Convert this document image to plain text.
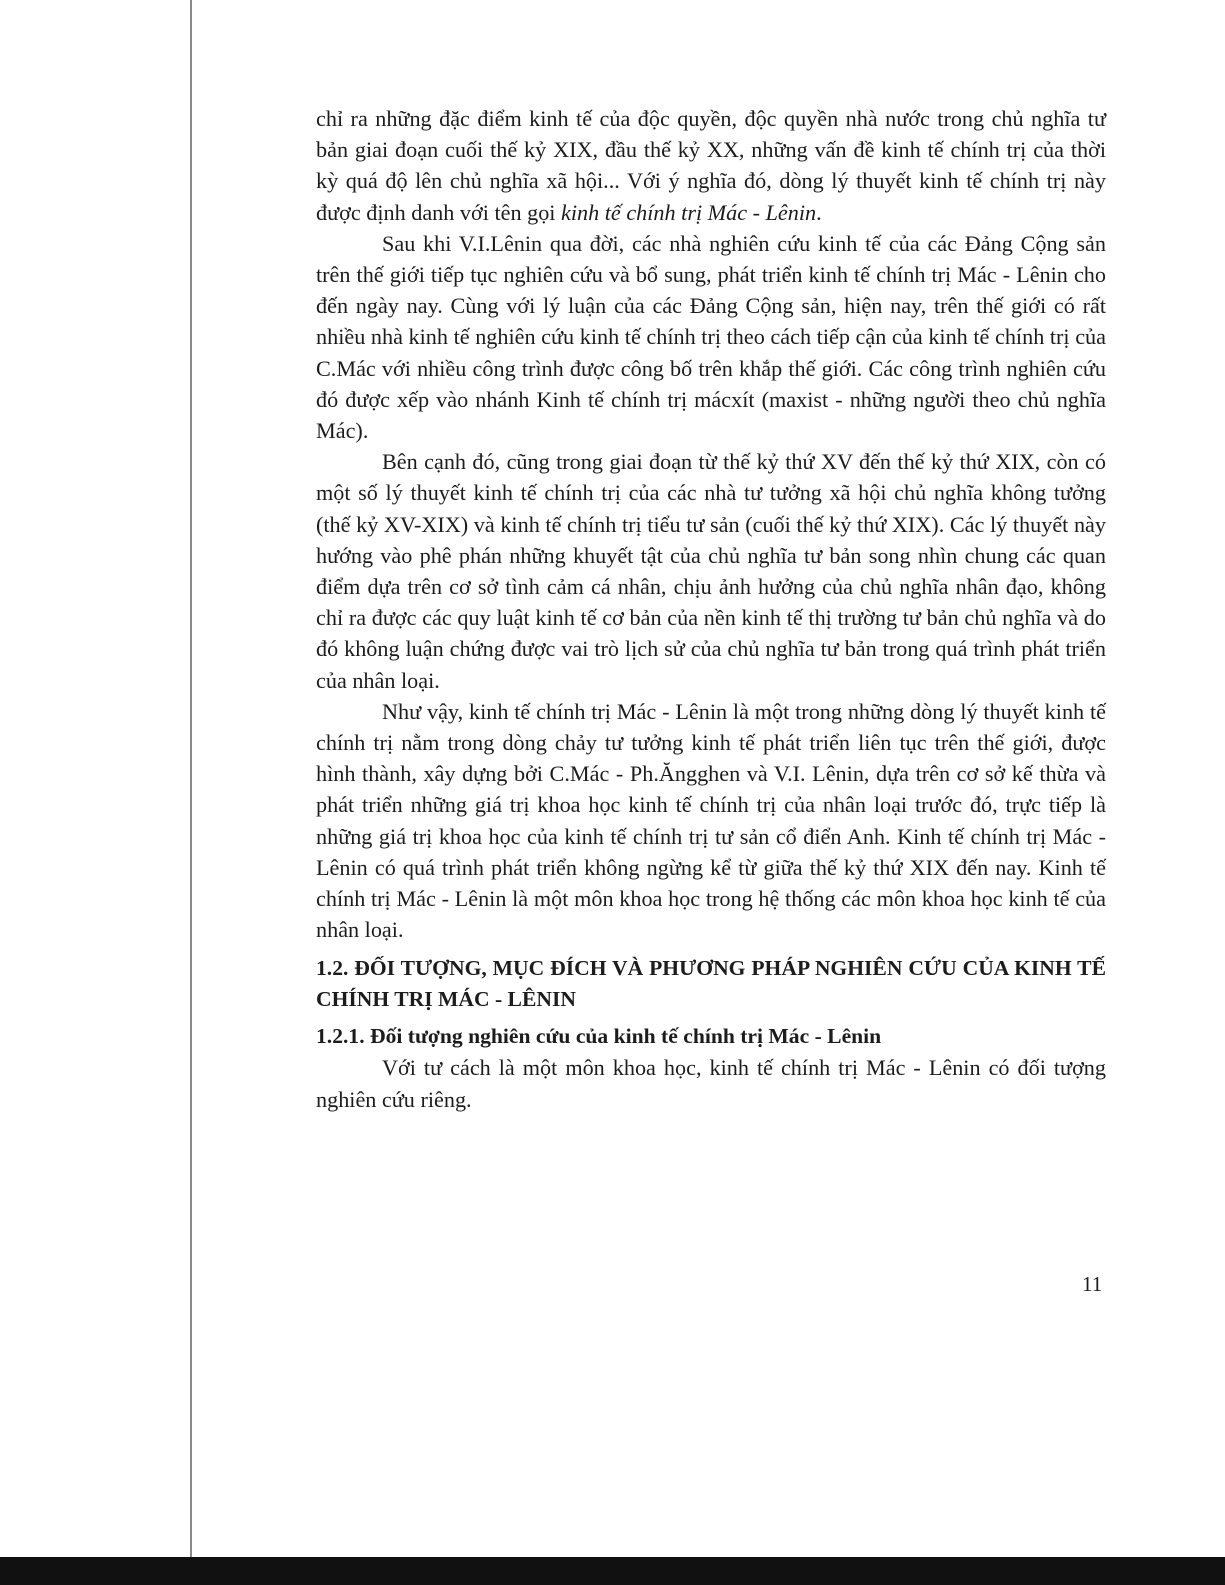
chỉ ra những đặc điểm kinh tế của độc quyền, độc quyền nhà nước trong chủ nghĩa tư bản giai đoạn cuối thế kỷ XIX, đầu thế kỷ XX, những vấn đề kinh tế chính trị của thời kỳ quá độ lên chủ nghĩa xã hội... Với ý nghĩa đó, dòng lý thuyết kinh tế chính trị này được định danh với tên gọi kinh tế chính trị Mác - Lênin.

Sau khi V.I.Lênin qua đời, các nhà nghiên cứu kinh tế của các Đảng Cộng sản trên thế giới tiếp tục nghiên cứu và bổ sung, phát triển kinh tế chính trị Mác - Lênin cho đến ngày nay. Cùng với lý luận của các Đảng Cộng sản, hiện nay, trên thế giới có rất nhiều nhà kinh tế nghiên cứu kinh tế chính trị theo cách tiếp cận của kinh tế chính trị của C.Mác với nhiều công trình được công bố trên khắp thế giới. Các công trình nghiên cứu đó được xếp vào nhánh Kinh tế chính trị mácxít (maxist - những người theo chủ nghĩa Mác).

Bên cạnh đó, cũng trong giai đoạn từ thế kỷ thứ XV đến thế kỷ thứ XIX, còn có một số lý thuyết kinh tế chính trị của các nhà tư tưởng xã hội chủ nghĩa không tưởng (thế kỷ XV-XIX) và kinh tế chính trị tiểu tư sản (cuối thế kỷ thứ XIX). Các lý thuyết này hướng vào phê phán những khuyết tật của chủ nghĩa tư bản song nhìn chung các quan điểm dựa trên cơ sở tình cảm cá nhân, chịu ảnh hưởng của chủ nghĩa nhân đạo, không chỉ ra được các quy luật kinh tế cơ bản của nền kinh tế thị trường tư bản chủ nghĩa và do đó không luận chứng được vai trò lịch sử của chủ nghĩa tư bản trong quá trình phát triển của nhân loại.

Như vậy, kinh tế chính trị Mác - Lênin là một trong những dòng lý thuyết kinh tế chính trị nằm trong dòng chảy tư tưởng kinh tế phát triển liên tục trên thế giới, được hình thành, xây dựng bởi C.Mác - Ph.Ăngghen và V.I. Lênin, dựa trên cơ sở kế thừa và phát triển những giá trị khoa học kinh tế chính trị của nhân loại trước đó, trực tiếp là những giá trị khoa học của kinh tế chính trị tư sản cổ điển Anh. Kinh tế chính trị Mác - Lênin có quá trình phát triển không ngừng kể từ giữa thế kỷ thứ XIX đến nay. Kinh tế chính trị Mác - Lênin là một môn khoa học trong hệ thống các môn khoa học kinh tế của nhân loại.

1.2. ĐỐI TƯỢNG, MỤC ĐÍCH VÀ PHƯƠNG PHÁP NGHIÊN CỨU CỦA KINH TẾ CHÍNH TRỊ MÁC - LÊNIN
1.2.1. Đối tượng nghiên cứu của kinh tế chính trị Mác - Lênin

Với tư cách là một môn khoa học, kinh tế chính trị Mác - Lênin có đối tượng nghiên cứu riêng.

11
